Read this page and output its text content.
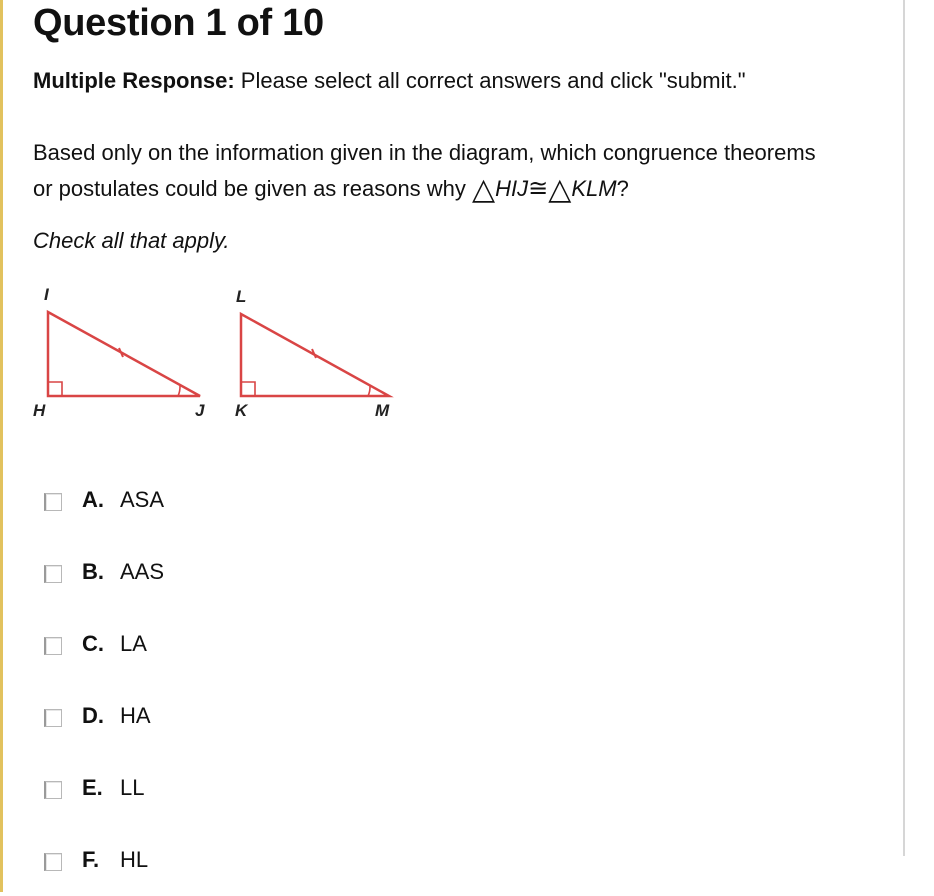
Question 1 of 10
Multiple Response: Please select all correct answers and click "submit."
Based only on the information given in the diagram, which congruence theorems
or postulates could be given as reasons why △HIJ≅△KLM?
Check all that apply.
I
H	J
L
K	M
A. ASA
B. AAS
C. LA
D. HA
E. LL
F. HL
